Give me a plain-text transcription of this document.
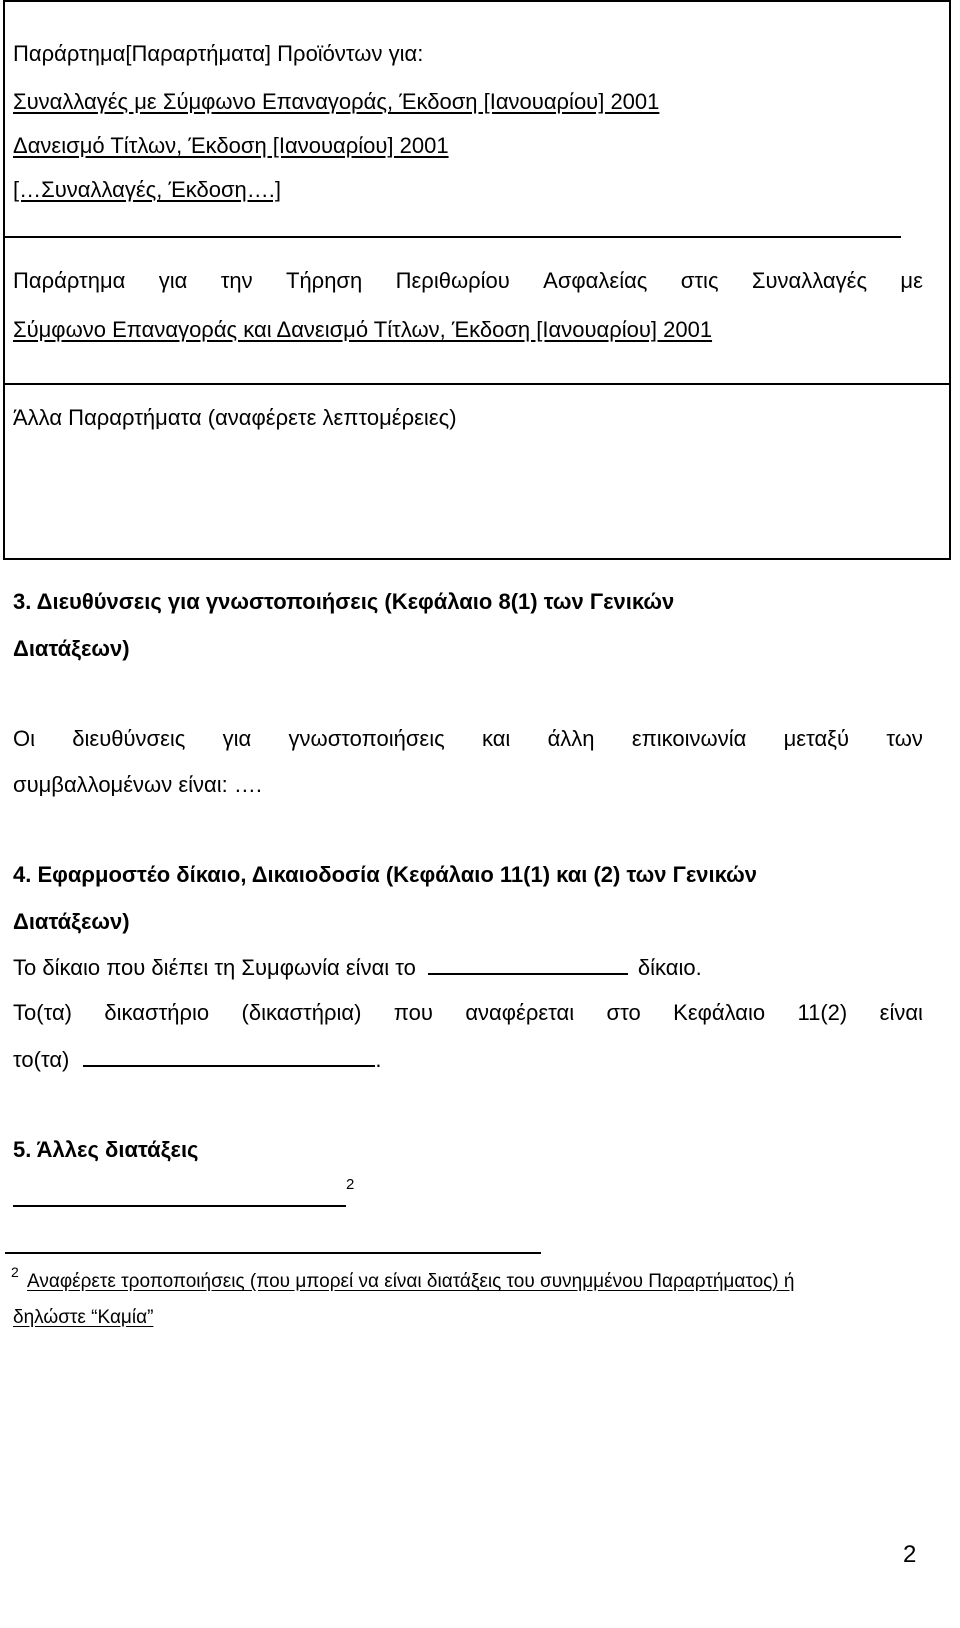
Παράρτημα[Παραρτήματα] Προϊόντων για:
Συναλλαγές με Σύμφωνο Επαναγοράς, Έκδοση [Ιανουαρίου] 2001
Δανεισμό Τίτλων, Έκδοση [Ιανουαρίου] 2001
[…Συναλλαγές, Έκδοση….]
Παράρτημα για την Τήρηση Περιθωρίου Ασφαλείας στις Συναλλαγές με
Σύμφωνο Επαναγοράς και Δανεισμό Τίτλων, Έκδοση [Ιανουαρίου] 2001
Άλλα Παραρτήματα (αναφέρετε λεπτομέρειες)
3. Διευθύνσεις για γνωστοποιήσεις (Κεφάλαιο 8(1) των Γενικών
Διατάξεων)
Οι διευθύνσεις για γνωστοποιήσεις και άλλη επικοινωνία μεταξύ των
συμβαλλομένων είναι: ….
4. Εφαρμοστέο δίκαιο, Δικαιοδοσία (Κεφάλαιο 11(1) και (2) των Γενικών
Διατάξεων)
Το δίκαιο που διέπει τη Συμφωνία είναι το	δίκαιο.
Το(τα) δικαστήριο (δικαστήρια) που αναφέρεται στο Κεφάλαιο 11(2) είναι
το(τα)	.
5. Άλλες διατάξεις
2
2 Αναφέρετε τροποποιήσεις (που μπορεί να είναι διατάξεις του συνημμένου Παραρτήματος) ή
δηλώστε “Καμία”
2
